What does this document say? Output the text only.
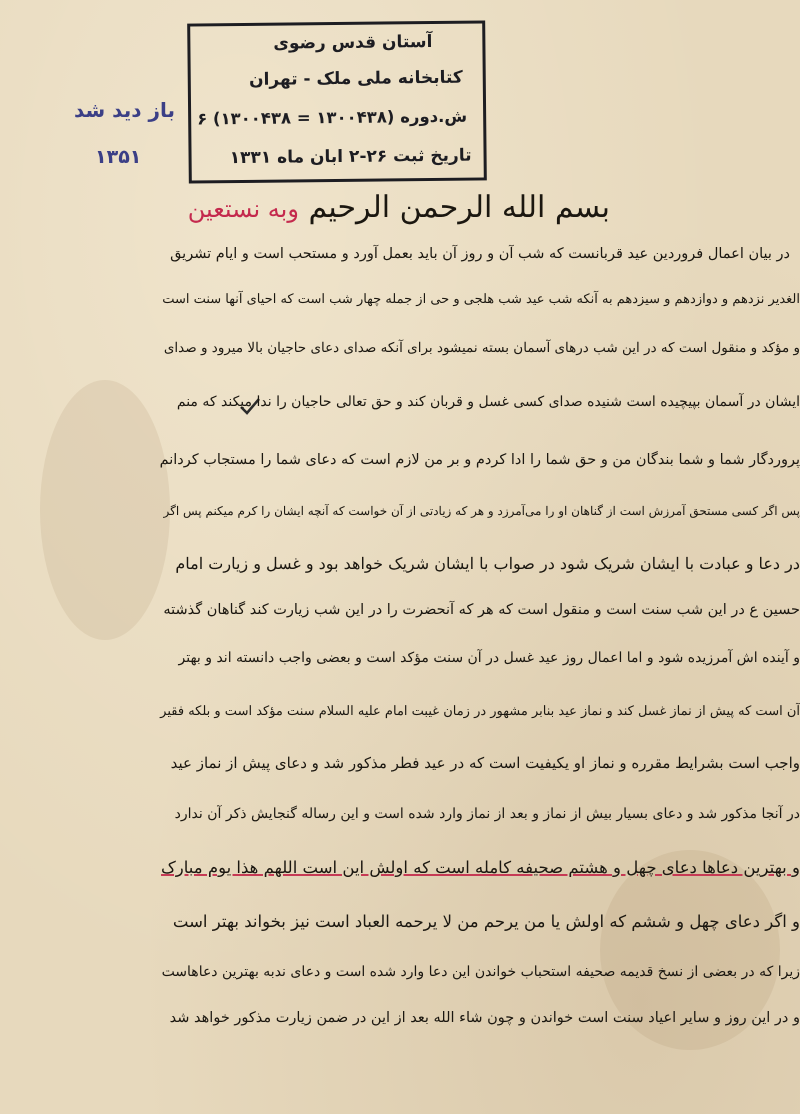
آستان قدس رضوی
کتابخانه ملی ملک - تهران
ش.دوره (۱۳۰۰۴۳۸ = ۱۳۰۰۴۳۸) ۶
تاریخ ثبت ۲۶-۲ ابان ماه ۱۳۳۱
باز دید شد
۱۳۵۱
بسم الله الرحمن الرحیم وبه نستعین
در بیان اعمال فروردین عید قربانست که شب آن و روز آن باید بعمل آورد و مستحب است و ایام تشریق
الغدیر نزدهم و دوازدهم و سیزدهم به آنکه شب عید شب هلجی و حی از جمله چهار شب است که احیای آنها سنت است
و مؤکد و منقول است که در این شب درهای آسمان بسته نمیشود برای آنکه صدای دعای حاجیان بالا میرود و صدای
ایشان در آسمان بپیچیده است شنیده صدای کسی غسل و قربان کند و حق تعالی حاجیان را ندا میکند که منم
پروردگار شما و شما بندگان من و حق شما را ادا کردم و بر من لازم است که دعای شما را مستجاب کردانم
پس اگر کسی مستحق آمرزش است از گناهان او را می‌آمرزد و هر که زیادتی از آن خواست که آنچه ایشان را کرم میکنم پس اگر
در دعا و عبادت با ایشان شریک شود در صواب با ایشان شریک خواهد بود و غسل و زیارت امام
حسین ع در این شب سنت است و منقول است که هر که آنحضرت را در این شب زیارت کند گناهان گذشته
و آینده اش آمرزیده شود و اما اعمال روز عید غسل در آن سنت مؤکد است و بعضی واجب دانسته اند و بهتر
آن است که پیش از نماز غسل کند و نماز عید بنابر مشهور در زمان غیبت امام علیه السلام سنت مؤکد است و بلکه فقیر
واجب است بشرایط مقرره و نماز او یکیفیت است که در عید فطر مذکور شد و دعای پیش از نماز عید
در آنجا مذکور شد و دعای بسیار بیش از نماز و بعد از نماز وارد شده است و این رساله گنجایش ذکر آن ندارد
و بهترین دعاها دعای چهل و هشتم صحیفه کامله است که اولش این است اللهم هذا یوم مبارک
و اگر دعای چهل و ششم که اولش یا من یرحم من لا یرحمه العباد است نیز بخواند بهتر است
زیرا که در بعضی از نسخ قدیمه صحیفه استحباب خواندن این دعا وارد شده است و دعای ندبه بهترین دعاهاست
و در این روز و سایر اعیاد سنت است خواندن و چون شاء الله بعد از این در ضمن زیارت مذکور خواهد شد
